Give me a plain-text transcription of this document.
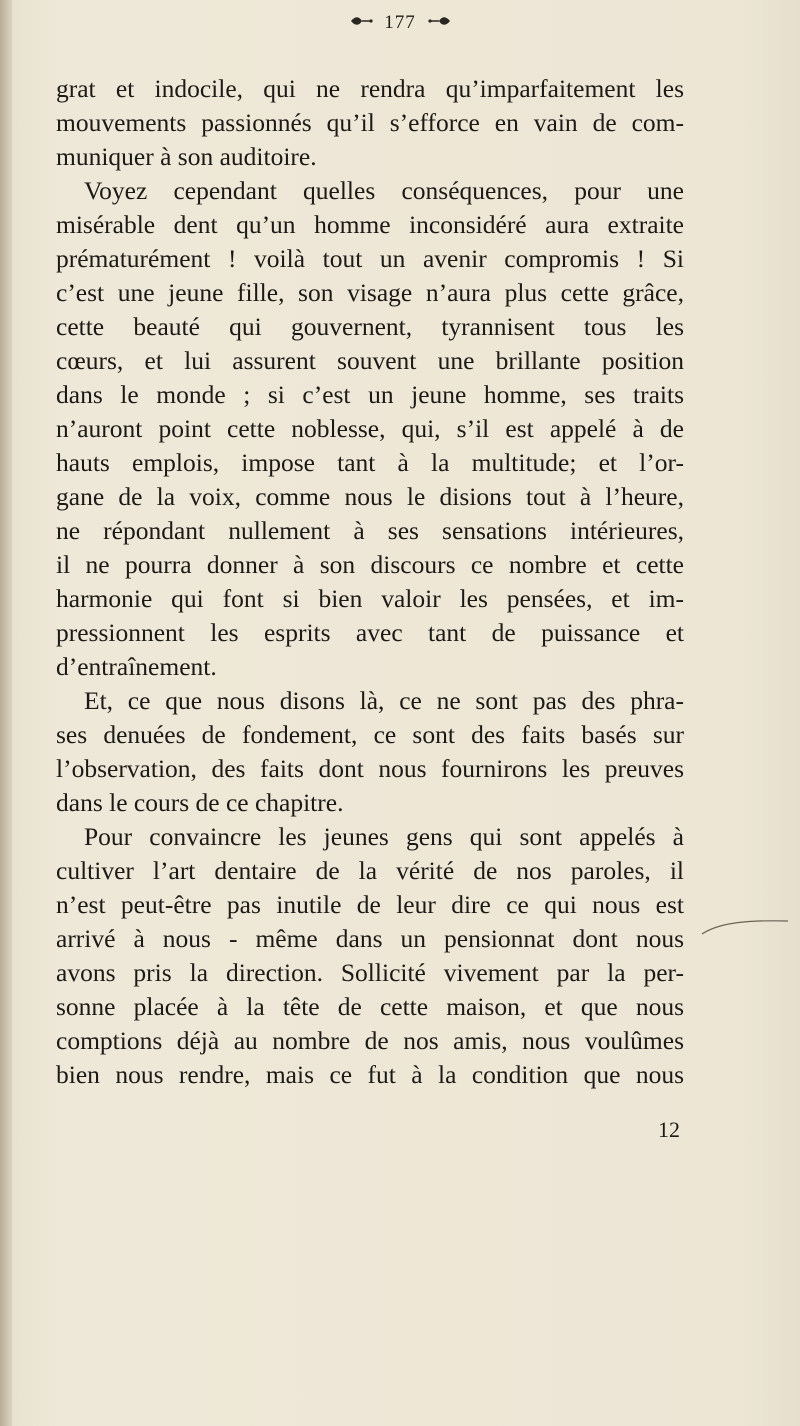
177
grat et indocile, qui ne rendra qu’imparfaitement les
mouvements passionnés qu’il s’efforce en vain de com-
muniquer à son auditoire.
Voyez cependant quelles conséquences, pour une
misérable dent qu’un homme inconsidéré aura extraite
prématurément ! voilà tout un avenir compromis ! Si
c’est une jeune fille, son visage n’aura plus cette grâce,
cette beauté qui gouvernent, tyrannisent tous les
cœurs, et lui assurent souvent une brillante position
dans le monde ; si c’est un jeune homme, ses traits
n’auront point cette noblesse, qui, s’il est appelé à de
hauts emplois, impose tant à la multitude; et l’or-
gane de la voix, comme nous le disions tout à l’heure,
ne répondant nullement à ses sensations intérieures,
il ne pourra donner à son discours ce nombre et cette
harmonie qui font si bien valoir les pensées, et im-
pressionnent les esprits avec tant de puissance et
d’entraînement.
Et, ce que nous disons là, ce ne sont pas des phra-
ses denuées de fondement, ce sont des faits basés sur
l’observation, des faits dont nous fournirons les preuves
dans le cours de ce chapitre.
Pour convaincre les jeunes gens qui sont appelés à
cultiver l’art dentaire de la vérité de nos paroles, il
n’est peut-être pas inutile de leur dire ce qui nous est
arrivé à nous - même dans un pensionnat dont nous
avons pris la direction. Sollicité vivement par la per-
sonne placée à la tête de cette maison, et que nous
comptions déjà au nombre de nos amis, nous voulûmes
bien nous rendre, mais ce fut à la condition que nous
12
